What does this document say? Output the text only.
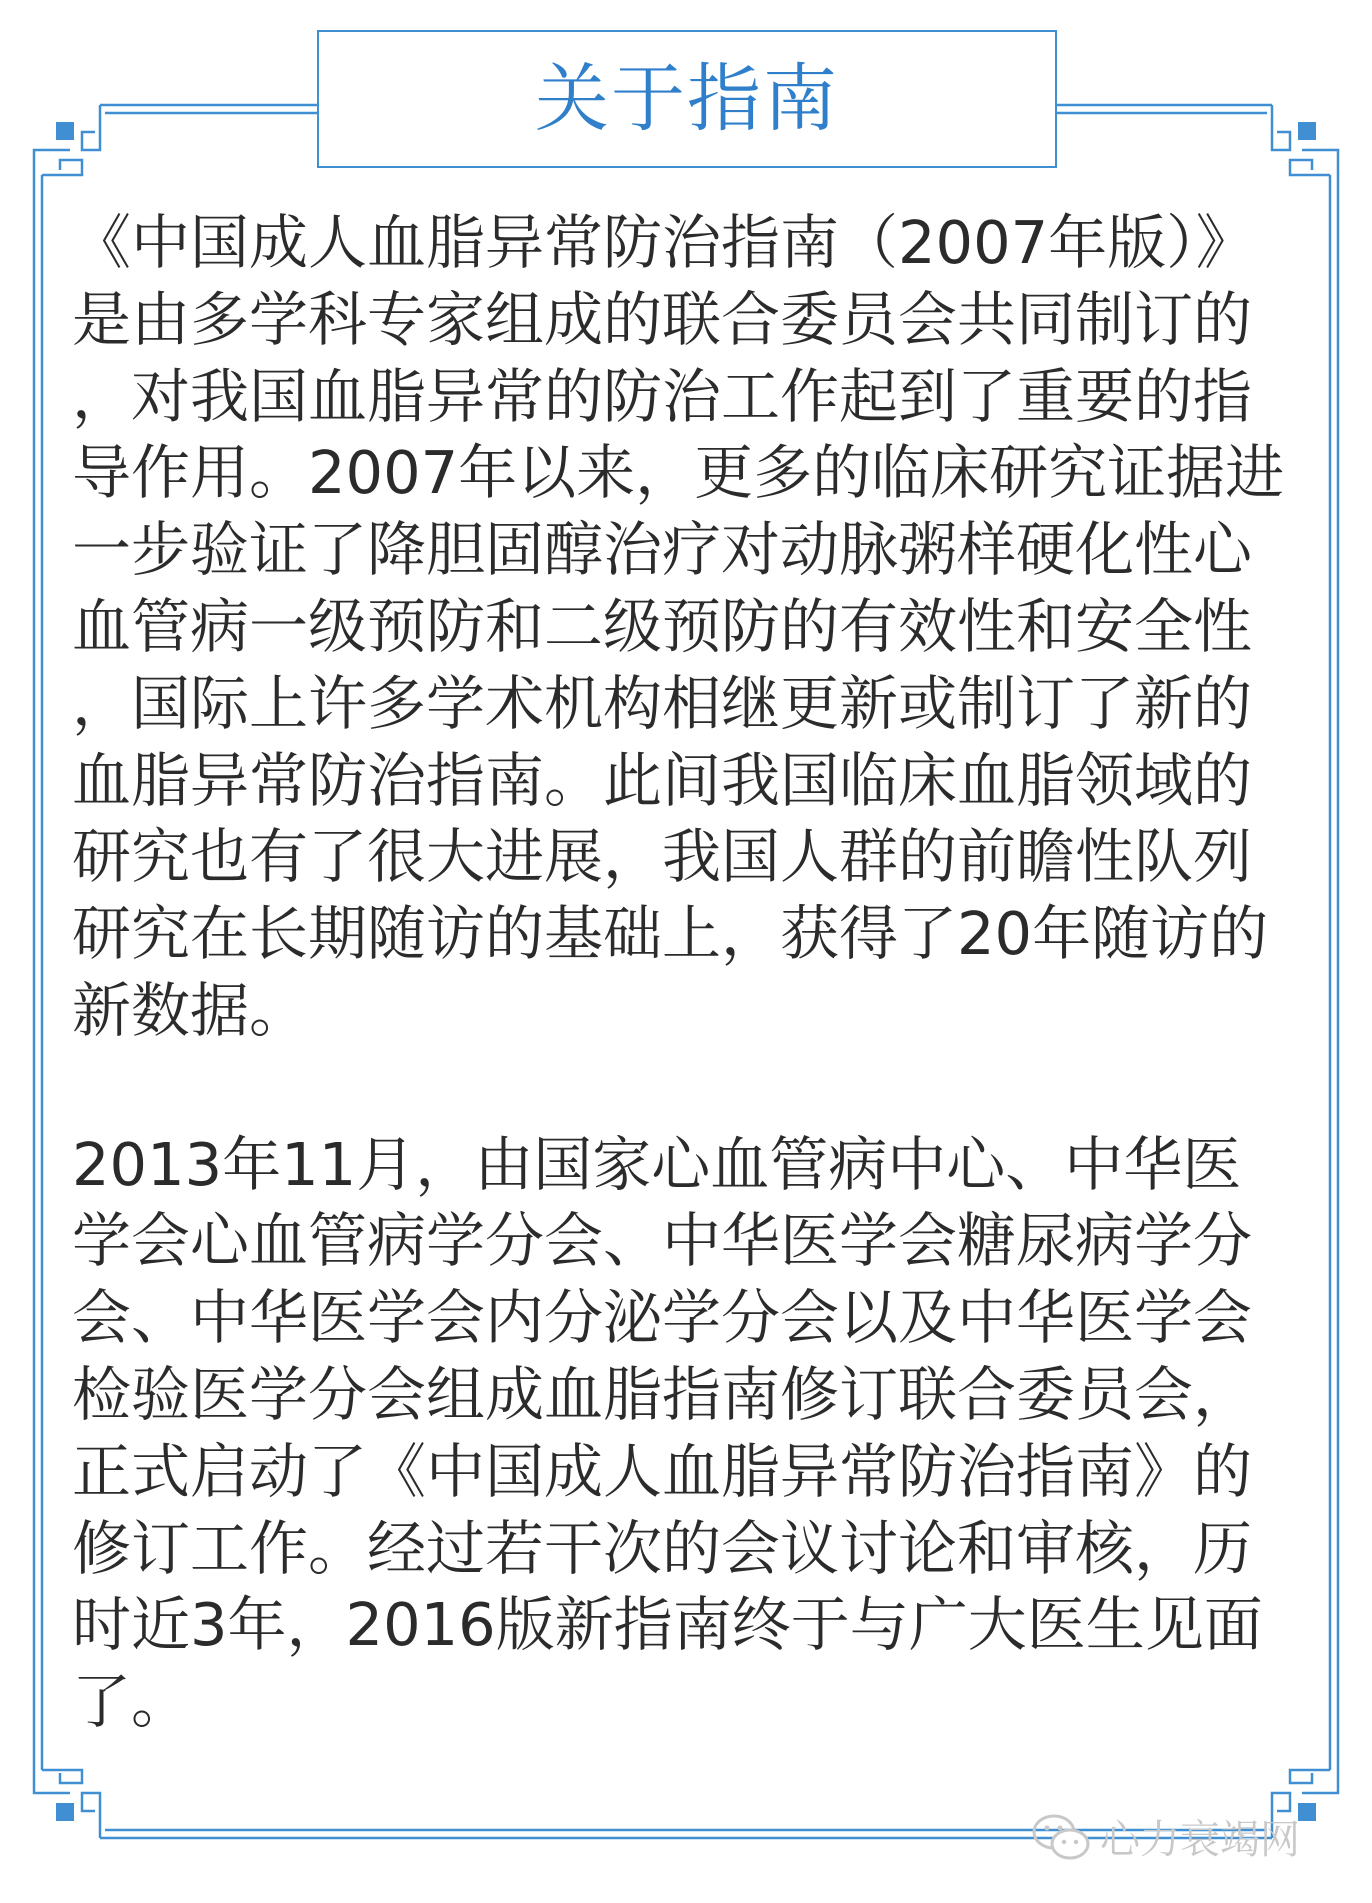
关于指南

《中国成人血脂异常防治指南（2007年版）》
是由多学科专家组成的联合委员会共同制订的
，对我国血脂异常的防治工作起到了重要的指
导作用。2007年以来，更多的临床研究证据进
一步验证了降胆固醇治疗对动脉粥样硬化性心
血管病一级预防和二级预防的有效性和安全性
，国际上许多学术机构相继更新或制订了新的
血脂异常防治指南。此间我国临床血脂领域的
研究也有了很大进展，我国人群的前瞻性队列
研究在长期随访的基础上，获得了20年随访的
新数据。

2013年11月，由国家心血管病中心、中华医
学会心血管病学分会、中华医学会糖尿病学分
会、中华医学会内分泌学分会以及中华医学会
检验医学分会组成血脂指南修订联合委员会，
正式启动了《中国成人血脂异常防治指南》的
修订工作。经过若干次的会议讨论和审核，历
时近3年，2016版新指南终于与广大医生见面
了。

心力衰竭网
